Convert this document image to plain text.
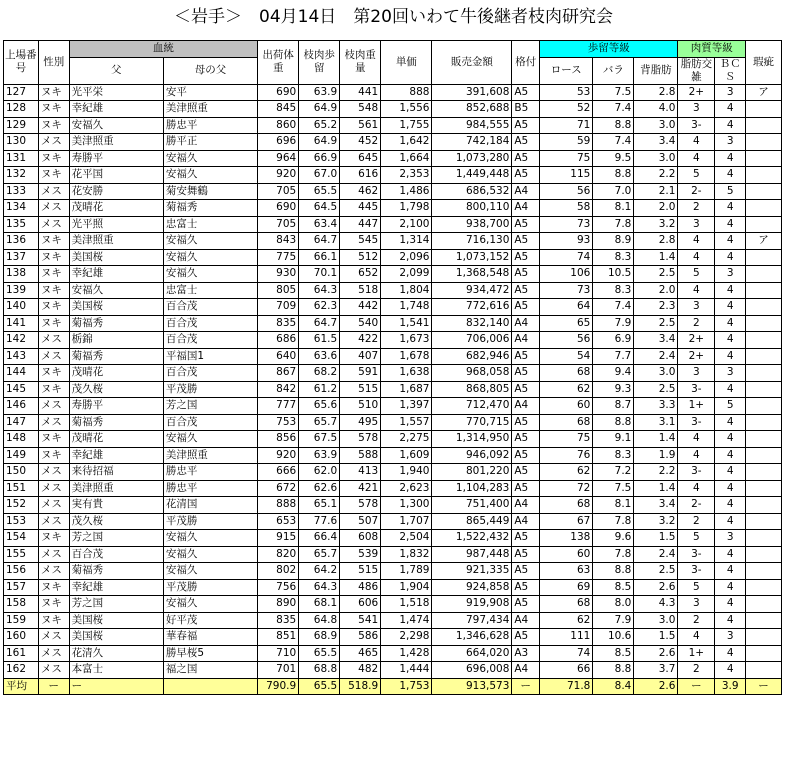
＜岩手＞　04月14日　第20回いわて牛後継者枝肉研究会
上場番号	性別	血統		出荷体重	枝肉歩留	枝肉重量	単価	販売金額	格付	歩留等級			肉質等級		瑕疵
		父	母の父							ロース	バラ	背脂肪	脂肪交雑	ＢＣＳ	
127	ヌキ	光平栄	安平	690	63.9	441	888	391,608	A5	53	7.5	2.8	2+	3	ア
128	ヌキ	幸紀雄	美津照重	845	64.9	548	1,556	852,688	B5	52	7.4	4.0	3	4	
129	ヌキ	安福久	勝忠平	860	65.2	561	1,755	984,555	A5	71	8.8	3.0	3-	4	
130	メス	美津照重	勝平正	696	64.9	452	1,642	742,184	A5	59	7.4	3.4	4	3	
131	ヌキ	寿勝平	安福久	964	66.9	645	1,664	1,073,280	A5	75	9.5	3.0	4	4	
132	ヌキ	花平国	安福久	920	67.0	616	2,353	1,449,448	A5	115	8.8	2.2	5	4	
133	メス	花安勝	菊安舞鶴	705	65.5	462	1,486	686,532	A4	56	7.0	2.1	2-	5	
134	メス	茂晴花	菊福秀	690	64.5	445	1,798	800,110	A4	58	8.1	2.0	2	4	
135	メス	光平照	忠富士	705	63.4	447	2,100	938,700	A5	73	7.8	3.2	3	4	
136	ヌキ	美津照重	安福久	843	64.7	545	1,314	716,130	A5	93	8.9	2.8	4	4	ア
137	ヌキ	美国桜	安福久	775	66.1	512	2,096	1,073,152	A5	74	8.3	1.4	4	4	
138	ヌキ	幸紀雄	安福久	930	70.1	652	2,099	1,368,548	A5	106	10.5	2.5	5	3	
139	ヌキ	安福久	忠富士	805	64.3	518	1,804	934,472	A5	73	8.3	2.0	4	4	
140	ヌキ	美国桜	百合茂	709	62.3	442	1,748	772,616	A5	64	7.4	2.3	3	4	
141	ヌキ	菊福秀	百合茂	835	64.7	540	1,541	832,140	A4	65	7.9	2.5	2	4	
142	メス	栃錦	百合茂	686	61.5	422	1,673	706,006	A4	56	6.9	3.4	2+	4	
143	メス	菊福秀	平福国1	640	63.6	407	1,678	682,946	A5	54	7.7	2.4	2+	4	
144	ヌキ	茂晴花	百合茂	867	68.2	591	1,638	968,058	A5	68	9.4	3.0	3	3	
145	ヌキ	茂久桜	平茂勝	842	61.2	515	1,687	868,805	A5	62	9.3	2.5	3-	4	
146	メス	寿勝平	芳之国	777	65.6	510	1,397	712,470	A4	60	8.7	3.3	1+	5	
147	メス	菊福秀	百合茂	753	65.7	495	1,557	770,715	A5	68	8.8	3.1	3-	4	
148	ヌキ	茂晴花	安福久	856	67.5	578	2,275	1,314,950	A5	75	9.1	1.4	4	4	
149	ヌキ	幸紀雄	美津照重	920	63.9	588	1,609	946,092	A5	76	8.3	1.9	4	4	
150	メス	来待招福	勝忠平	666	62.0	413	1,940	801,220	A5	62	7.2	2.2	3-	4	
151	メス	美津照重	勝忠平	672	62.6	421	2,623	1,104,283	A5	72	7.5	1.4	4	4	
152	メス	実有貴	花清国	888	65.1	578	1,300	751,400	A4	68	8.1	3.4	2-	4	
153	メス	茂久桜	平茂勝	653	77.6	507	1,707	865,449	A4	67	7.8	3.2	2	4	
154	ヌキ	芳之国	安福久	915	66.4	608	2,504	1,522,432	A5	138	9.6	1.5	5	3	
155	メス	百合茂	安福久	820	65.7	539	1,832	987,448	A5	60	7.8	2.4	3-	4	
156	メス	菊福秀	安福久	802	64.2	515	1,789	921,335	A5	63	8.8	2.5	3-	4	
157	ヌキ	幸紀雄	平茂勝	756	64.3	486	1,904	924,858	A5	69	8.5	2.6	5	4	
158	ヌキ	芳之国	安福久	890	68.1	606	1,518	919,908	A5	68	8.0	4.3	3	4	
159	ヌキ	美国桜	好平茂	835	64.8	541	1,474	797,434	A4	62	7.9	3.0	2	4	
160	メス	美国桜	華春福	851	68.9	586	2,298	1,346,628	A5	111	10.6	1.5	4	3	
161	メス	花清久	勝早桜5	710	65.5	465	1,428	664,020	A3	74	8.5	2.6	1+	4	
162	メス	本富士	福之国	701	68.8	482	1,444	696,008	A4	66	8.8	3.7	2	4	
平均	ー	ー		790.9	65.5	518.9	1,753	913,573	ー	71.8	8.4	2.6	ー	3.9	ー
